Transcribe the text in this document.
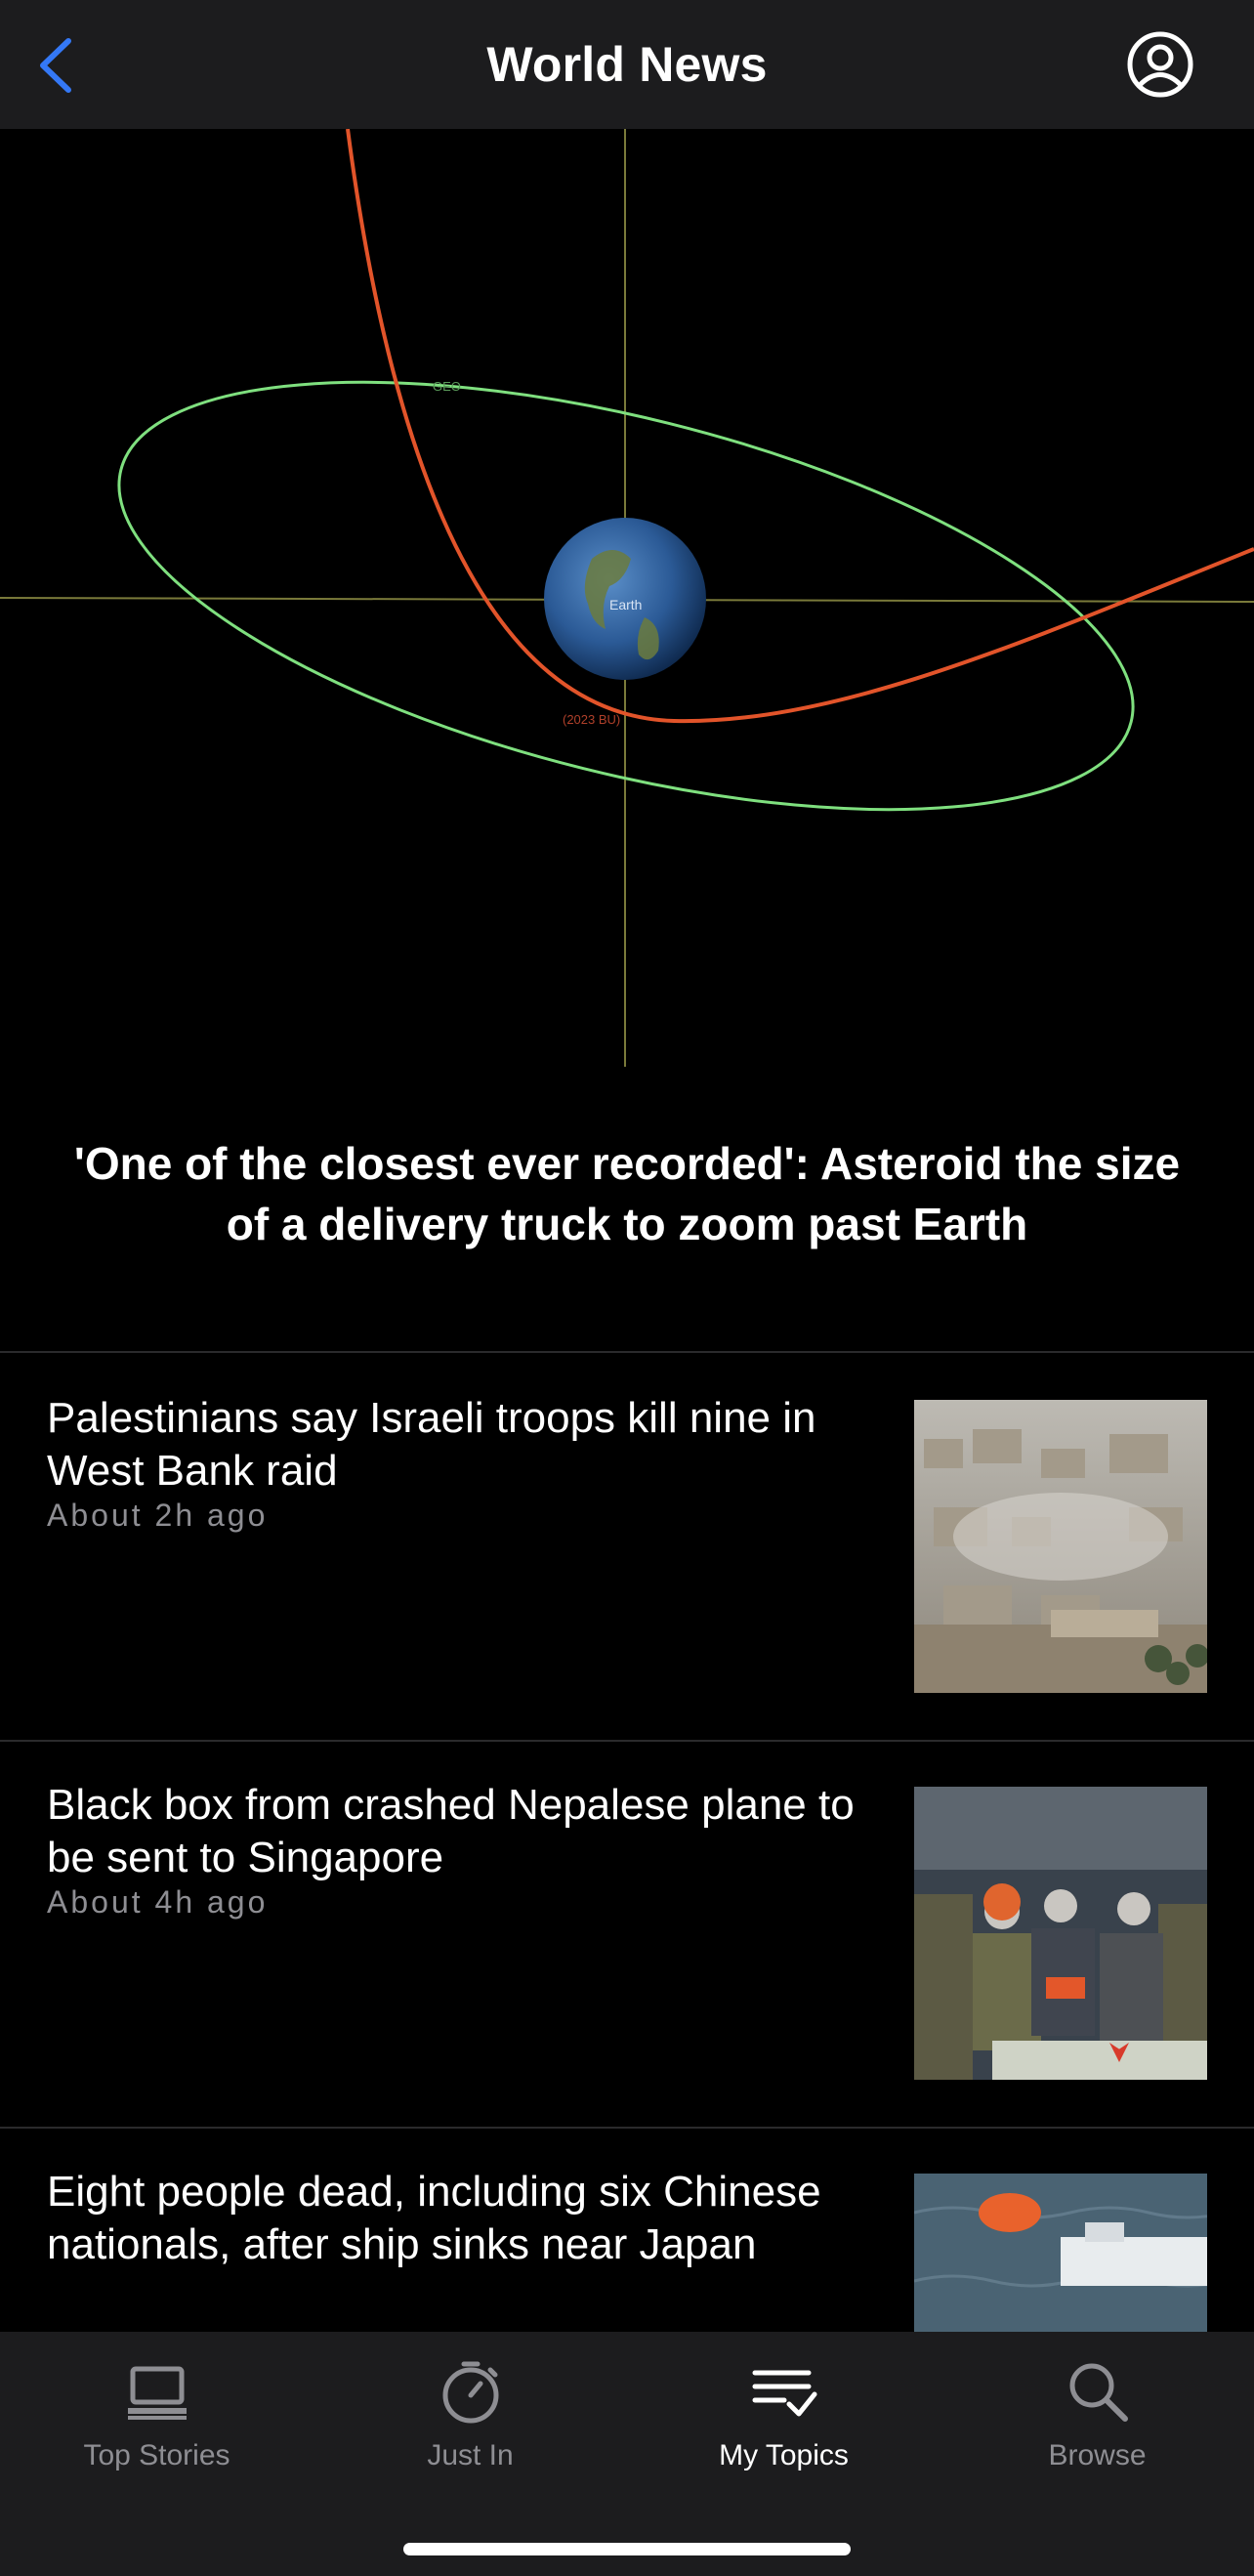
World News
GEO
Earth
(2023 BU)
'One of the closest ever recorded': Asteroid the size of a delivery truck to zoom past Earth
Palestinians say Israeli troops kill nine in West Bank raid
About 2h ago
Black box from crashed Nepalese plane to be sent to Singapore
About 4h ago
Eight people dead, including six Chinese nationals, after ship sinks near Japan
Top Stories	Just In	My Topics	Browse
